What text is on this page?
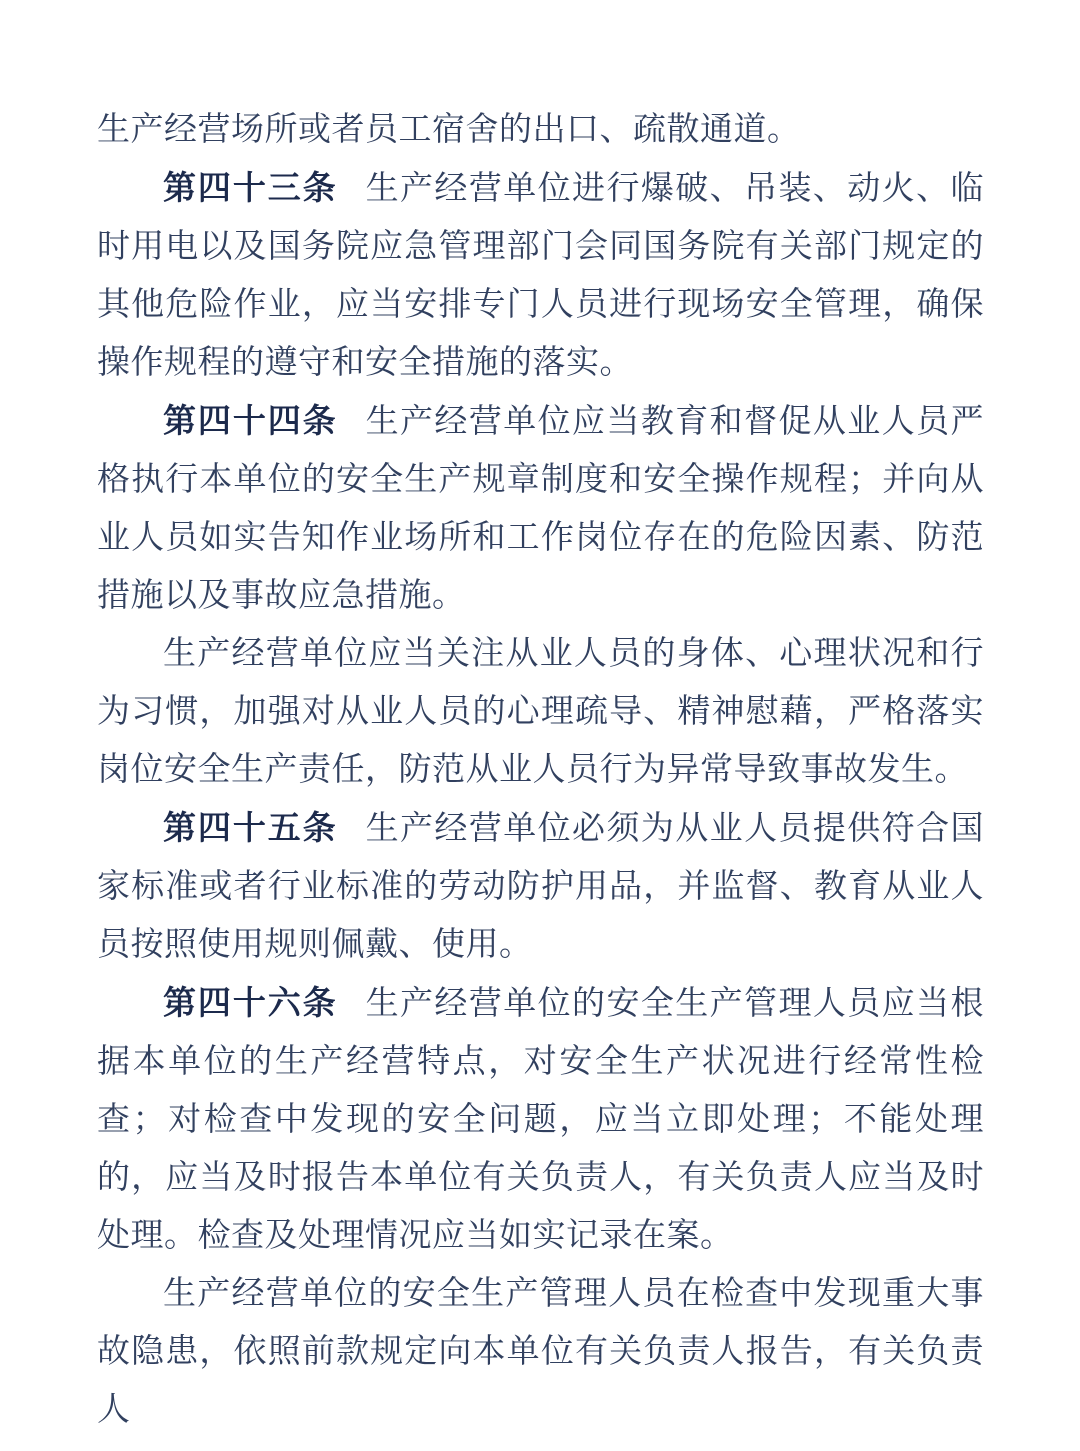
生产经营场所或者员工宿舍的出口、疏散通道。

第四十三条 生产经营单位进行爆破、吊装、动火、临时用电以及国务院应急管理部门会同国务院有关部门规定的其他危险作业，应当安排专门人员进行现场安全管理，确保操作规程的遵守和安全措施的落实。

第四十四条 生产经营单位应当教育和督促从业人员严格执行本单位的安全生产规章制度和安全操作规程；并向从业人员如实告知作业场所和工作岗位存在的危险因素、防范措施以及事故应急措施。

生产经营单位应当关注从业人员的身体、心理状况和行为习惯，加强对从业人员的心理疏导、精神慰藉，严格落实岗位安全生产责任，防范从业人员行为异常导致事故发生。

第四十五条 生产经营单位必须为从业人员提供符合国家标准或者行业标准的劳动防护用品，并监督、教育从业人员按照使用规则佩戴、使用。

第四十六条 生产经营单位的安全生产管理人员应当根据本单位的生产经营特点，对安全生产状况进行经常性检查；对检查中发现的安全问题，应当立即处理；不能处理的，应当及时报告本单位有关负责人，有关负责人应当及时处理。检查及处理情况应当如实记录在案。

生产经营单位的安全生产管理人员在检查中发现重大事故隐患，依照前款规定向本单位有关负责人报告，有关负责人
